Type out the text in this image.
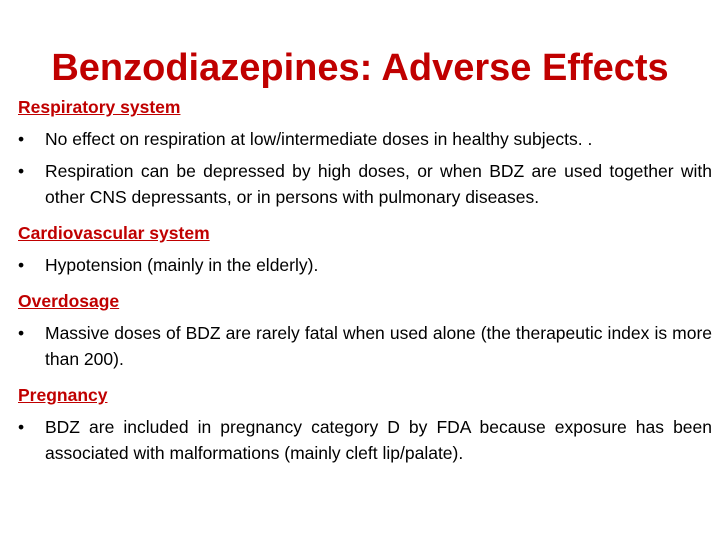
Benzodiazepines: Adverse Effects
Respiratory system
• No effect on respiration at low/intermediate doses in healthy subjects. .
• Respiration can be depressed by high doses, or when BDZ are used together with other CNS depressants, or in persons with pulmonary diseases.
Cardiovascular system
• Hypotension (mainly in the elderly).
Overdosage
• Massive doses of BDZ are rarely fatal when used alone (the therapeutic index is more than 200).
Pregnancy
• BDZ are included in pregnancy category D by FDA because exposure has been associated with malformations (mainly cleft lip/palate).
